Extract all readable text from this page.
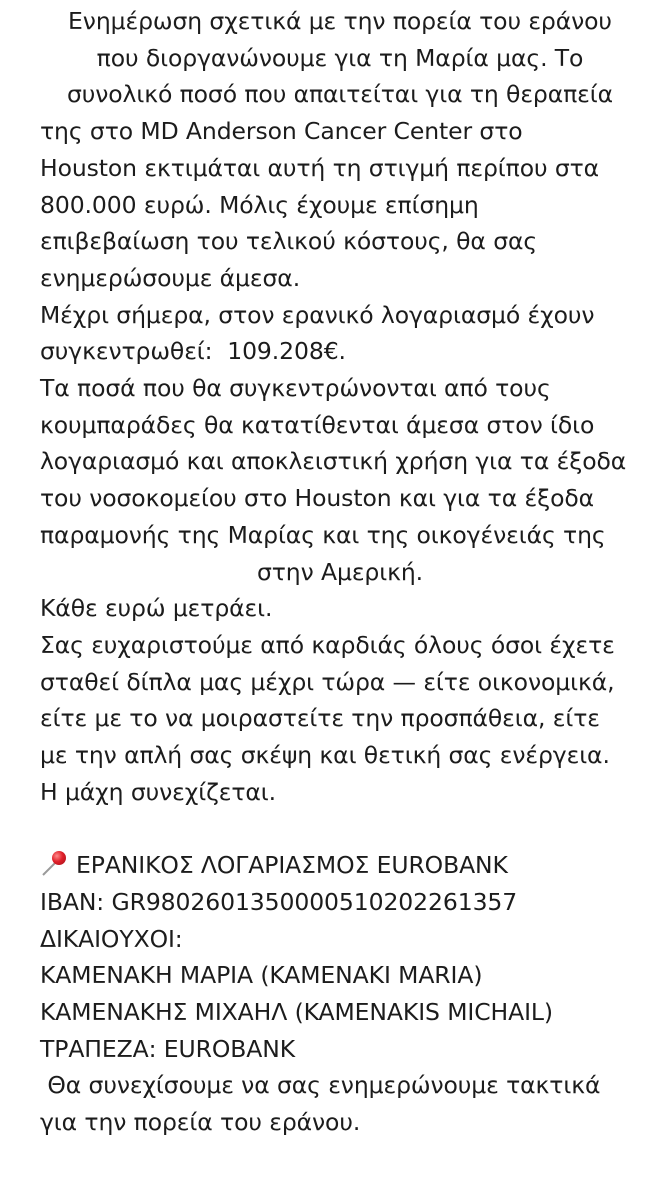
Ενημέρωση σχετικά με την πορεία του εράνου
που διοργανώνουμε για τη Μαρία μας. Το
συνολικό ποσό που απαιτείται για τη θεραπεία
της στο MD Anderson Cancer Center στο
Houston εκτιμάται αυτή τη στιγμή περίπου στα
800.000 ευρώ. Μόλις έχουμε επίσημη
επιβεβαίωση του τελικού κόστους, θα σας
ενημερώσουμε άμεσα.
Μέχρι σήμερα, στον ερανικό λογαριασμό έχουν
συγκεντρωθεί:  109.208€.
Τα ποσά που θα συγκεντρώνονται από τους
κουμπαράδες θα κατατίθενται άμεσα στον ίδιο
λογαριασμό και αποκλειστική χρήση για τα έξοδα
του νοσοκομείου στο Houston και για τα έξοδα
παραμονής της Μαρίας και της οικογένειάς της
στην Αμερική.
Κάθε ευρώ μετράει.
Σας ευχαριστούμε από καρδιάς όλους όσοι έχετε
σταθεί δίπλα μας μέχρι τώρα — είτε οικονομικά,
είτε με το να μοιραστείτε την προσπάθεια, είτε
με την απλή σας σκέψη και θετική σας ενέργεια.
Η μάχη συνεχίζεται.
ΕΡΑΝΙΚΟΣ ΛΟΓΑΡΙΑΣΜΟΣ EUROBANK
IBAN: GR9802601350000510202261357
ΔΙΚΑΙΟΥΧΟΙ:
ΚΑΜΕΝΑΚΗ ΜΑΡΙΑ (KAMENAKI MARIA)
ΚΑΜΕΝΑΚΗΣ ΜΙΧΑΗΛ (KAMENAKIS MICHAIL)
ΤΡΑΠΕΖΑ: EUROBANK
Θα συνεχίσουμε να σας ενημερώνουμε τακτικά
για την πορεία του εράνου.
